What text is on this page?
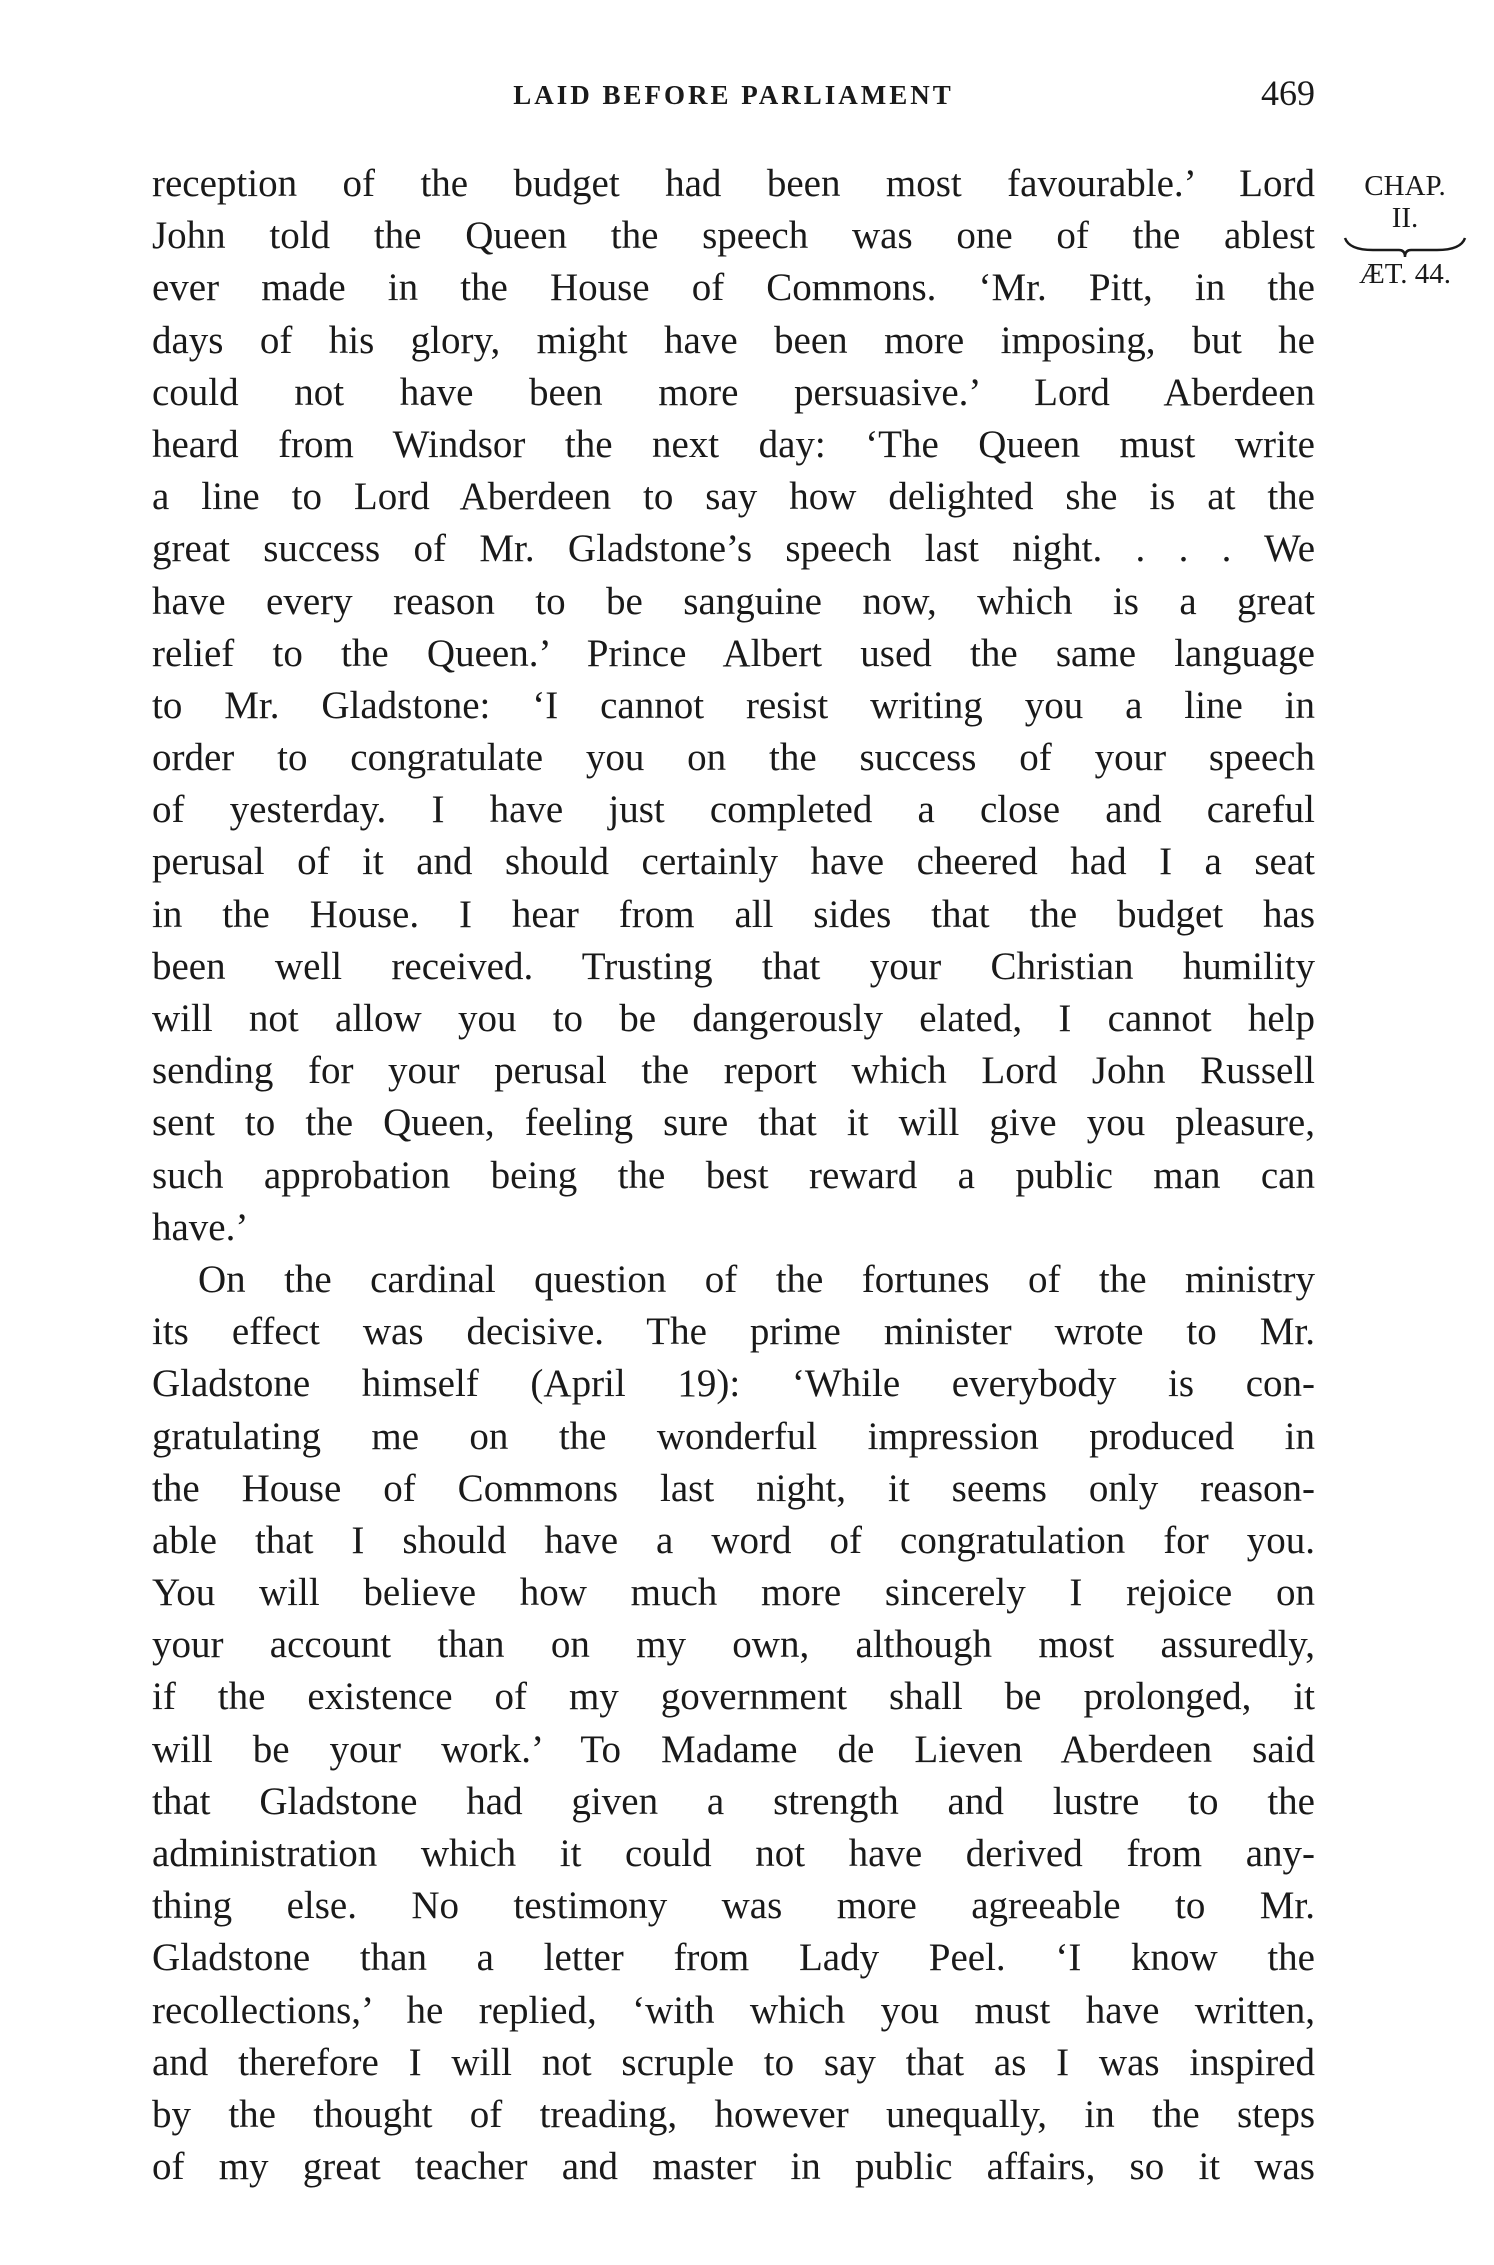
LAID BEFORE PARLIAMENT	469
CHAP.
II.
ÆT. 44.
reception of the budget had been most favourable.’ Lord
John told the Queen the speech was one of the ablest
ever made in the House of Commons. ‘Mr. Pitt, in the
days of his glory, might have been more imposing, but he
could not have been more persuasive.’ Lord Aberdeen
heard from Windsor the next day: ‘The Queen must write
a line to Lord Aberdeen to say how delighted she is at the
great success of Mr. Gladstone’s speech last night. . . . We
have every reason to be sanguine now, which is a great
relief to the Queen.’ Prince Albert used the same language
to Mr. Gladstone: ‘I cannot resist writing you a line in
order to congratulate you on the success of your speech
of yesterday. I have just completed a close and careful
perusal of it and should certainly have cheered had I a seat
in the House. I hear from all sides that the budget has
been well received. Trusting that your Christian humility
will not allow you to be dangerously elated, I cannot help
sending for your perusal the report which Lord John Russell
sent to the Queen, feeling sure that it will give you pleasure,
such approbation being the best reward a public man can
have.’
On the cardinal question of the fortunes of the ministry
its effect was decisive. The prime minister wrote to Mr.
Gladstone himself (April 19): ‘While everybody is con-
gratulating me on the wonderful impression produced in
the House of Commons last night, it seems only reason-
able that I should have a word of congratulation for you.
You will believe how much more sincerely I rejoice on
your account than on my own, although most assuredly,
if the existence of my government shall be prolonged, it
will be your work.’ To Madame de Lieven Aberdeen said
that Gladstone had given a strength and lustre to the
administration which it could not have derived from any-
thing else. No testimony was more agreeable to Mr.
Gladstone than a letter from Lady Peel. ‘I know the
recollections,’ he replied, ‘with which you must have written,
and therefore I will not scruple to say that as I was inspired
by the thought of treading, however unequally, in the steps
of my great teacher and master in public affairs, so it was
